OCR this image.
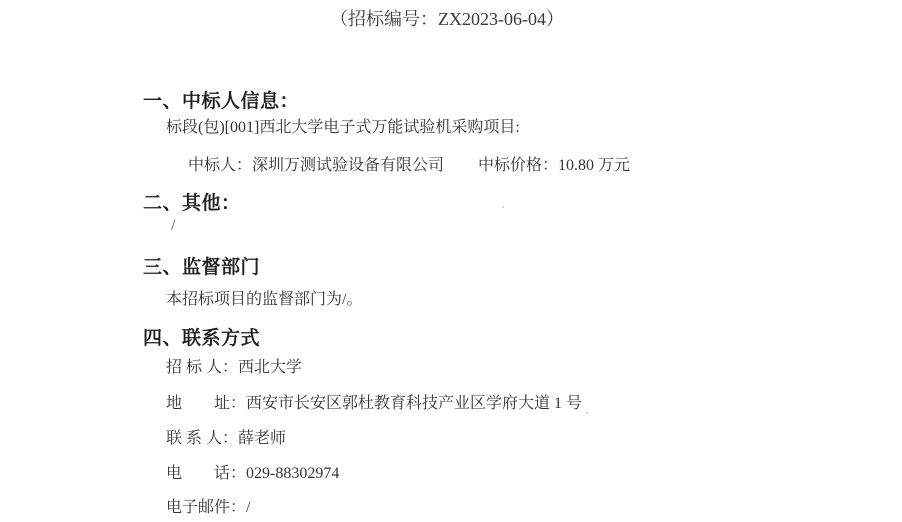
（招标编号：ZX2023-06-04）
一、中标人信息：
标段(包)[001]西北大学电子式万能试验机采购项目:
中标人：深圳万测试验设备有限公司 中标价格：10.80 万元
二、其他：
/
三、监督部门
本招标项目的监督部门为/。
四、联系方式
招 标 人：西北大学
地　　址：西安市长安区郭杜教育科技产业区学府大道 1 号
联 系 人：薛老师
电　　话：029-88302974
电子邮件：/
